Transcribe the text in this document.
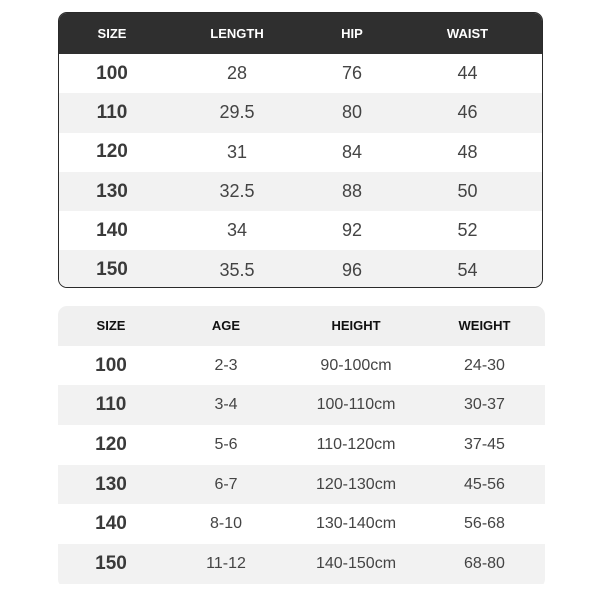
SIZE	LENGTH	HIP	WAIST
100	28	76	44
110	29.5	80	46
120	31	84	48
130	32.5	88	50
140	34	92	52
150	35.5	96	54
SIZE	AGE	HEIGHT	WEIGHT
100	2-3	90-100cm	24-30
110	3-4	100-110cm	30-37
120	5-6	110-120cm	37-45
130	6-7	120-130cm	45-56
140	8-10	130-140cm	56-68
150	11-12	140-150cm	68-80
